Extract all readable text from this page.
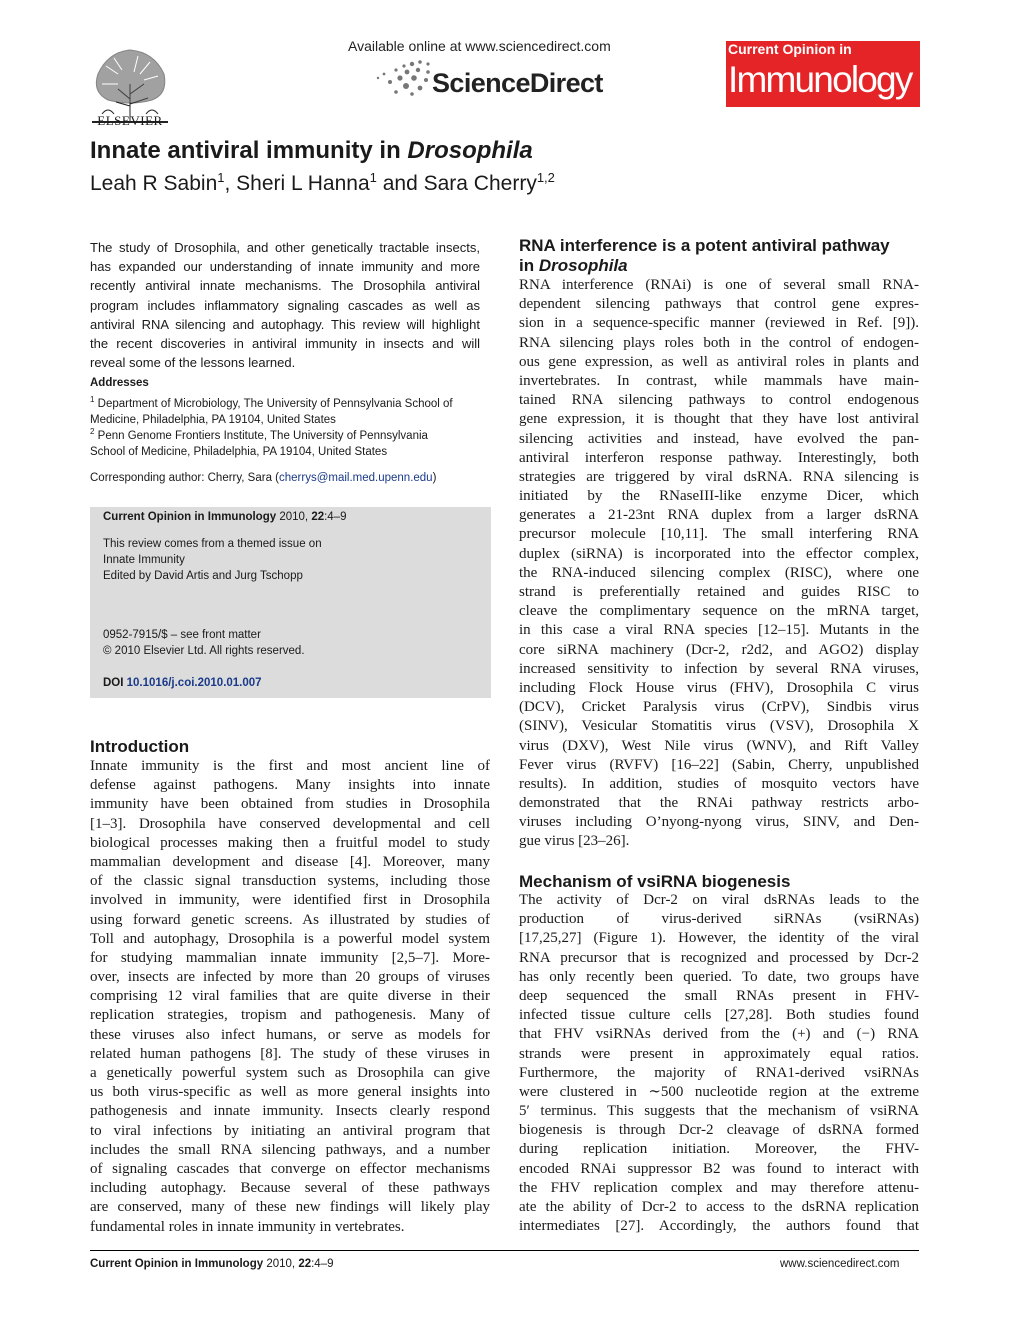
ELSEVIER
Available online at www.sciencedirect.com
ScienceDirect
Current Opinion in
Immunology
Innate antiviral immunity in Drosophila
Leah R Sabin$^1$, Sheri L Hanna$^1$ and Sara Cherry$^{1,2}$
The study of Drosophila, and other genetically tractable insects,
has expanded our understanding of innate immunity and more
recently antiviral innate mechanisms. The Drosophila antiviral
program includes inflammatory signaling cascades as well as
antiviral RNA silencing and autophagy. This review will highlight
the recent discoveries in antiviral immunity in insects and will
reveal some of the lessons learned.
Addresses
$^1$ Department of Microbiology, The University of Pennsylvania School of
Medicine, Philadelphia, PA 19104, United States
$^2$ Penn Genome Frontiers Institute, The University of Pennsylvania
School of Medicine, Philadelphia, PA 19104, United States
Corresponding author: Cherry, Sara (cherrys@mail.med.upenn.edu)
Current Opinion in Immunology 2010, 22:4–9
This review comes from a themed issue on
Innate Immunity
Edited by David Artis and Jurg Tschopp
0952-7915/$ – see front matter
© 2010 Elsevier Ltd. All rights reserved.
DOI 10.1016/j.coi.2010.01.007
Introduction
Innate immunity is the first and most ancient line of
defense against pathogens. Many insights into innate
immunity have been obtained from studies in Drosophila
[1–3]. Drosophila have conserved developmental and cell
biological processes making then a fruitful model to study
mammalian development and disease [4]. Moreover, many
of the classic signal transduction systems, including those
involved in immunity, were identified first in Drosophila
using forward genetic screens. As illustrated by studies of
Toll and autophagy, Drosophila is a powerful model system
for studying mammalian innate immunity [2,5–7]. More-
over, insects are infected by more than 20 groups of viruses
comprising 12 viral families that are quite diverse in their
replication strategies, tropism and pathogenesis. Many of
these viruses also infect humans, or serve as models for
related human pathogens [8]. The study of these viruses in
a genetically powerful system such as Drosophila can give
us both virus-specific as well as more general insights into
pathogenesis and innate immunity. Insects clearly respond
to viral infections by initiating an antiviral program that
includes the small RNA silencing pathways, and a number
of signaling cascades that converge on effector mechanisms
including autophagy. Because several of these pathways
are conserved, many of these new findings will likely play
fundamental roles in innate immunity in vertebrates.
RNA interference is a potent antiviral pathway
in Drosophila
RNA interference (RNAi) is one of several small RNA-
dependent silencing pathways that control gene expres-
sion in a sequence-specific manner (reviewed in Ref. [9]).
RNA silencing plays roles both in the control of endogen-
ous gene expression, as well as antiviral roles in plants and
invertebrates. In contrast, while mammals have main-
tained RNA silencing pathways to control endogenous
gene expression, it is thought that they have lost antiviral
silencing activities and instead, have evolved the pan-
antiviral interferon response pathway. Interestingly, both
strategies are triggered by viral dsRNA. RNA silencing is
initiated by the RNaseIII-like enzyme Dicer, which
generates a 21-23nt RNA duplex from a larger dsRNA
precursor molecule [10,11]. The small interfering RNA
duplex (siRNA) is incorporated into the effector complex,
the RNA-induced silencing complex (RISC), where one
strand is preferentially retained and guides RISC to
cleave the complimentary sequence on the mRNA target,
in this case a viral RNA species [12–15]. Mutants in the
core siRNA machinery (Dcr-2, r2d2, and AGO2) display
increased sensitivity to infection by several RNA viruses,
including Flock House virus (FHV), Drosophila C virus
(DCV), Cricket Paralysis virus (CrPV), Sindbis virus
(SINV), Vesicular Stomatitis virus (VSV), Drosophila X
virus (DXV), West Nile virus (WNV), and Rift Valley
Fever virus (RVFV) [16–22] (Sabin, Cherry, unpublished
results). In addition, studies of mosquito vectors have
demonstrated that the RNAi pathway restricts arbo-
viruses including O’nyong-nyong virus, SINV, and Den-
gue virus [23–26].
Mechanism of vsiRNA biogenesis
The activity of Dcr-2 on viral dsRNAs leads to the
production of virus-derived siRNAs (vsiRNAs)
[17,25,27] (Figure 1). However, the identity of the viral
RNA precursor that is recognized and processed by Dcr-2
has only recently been queried. To date, two groups have
deep sequenced the small RNAs present in FHV-
infected tissue culture cells [27,28]. Both studies found
that FHV vsiRNAs derived from the (+) and (−) RNA
strands were present in approximately equal ratios.
Furthermore, the majority of RNA1-derived vsiRNAs
were clustered in ∼500 nucleotide region at the extreme
5′ terminus. This suggests that the mechanism of vsiRNA
biogenesis is through Dcr-2 cleavage of dsRNA formed
during replication initiation. Moreover, the FHV-
encoded RNAi suppressor B2 was found to interact with
the FHV replication complex and may therefore attenu-
ate the ability of Dcr-2 to access to the dsRNA replication
intermediates [27]. Accordingly, the authors found that
Current Opinion in Immunology 2010, 22:4–9	www.sciencedirect.com
